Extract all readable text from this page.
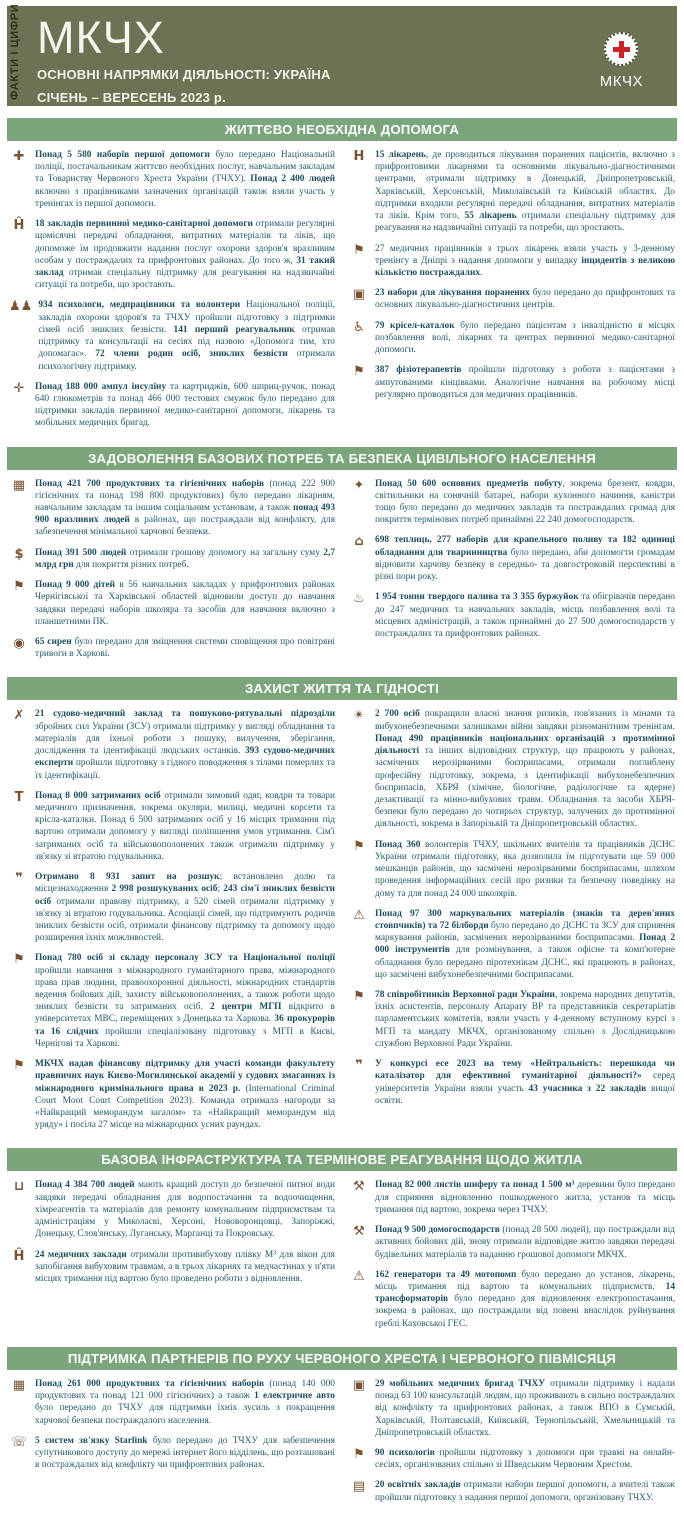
ФАКТИ І ЦИФРИ МКЧХ
ОСНОВНІ НАПРЯМКИ ДІЯЛЬНОСТІ: УКРАЇНА
СІЧЕНЬ – ВЕРЕСЕНЬ 2023 р.
МКЧХ
ЖИТТЄВО НЕОБХІДНА ДОПОМОГА
✚	Понад 5 580 наборів першої допомоги було передано Національній поліції, постачальникам життєво необхідних послуг, навчальним закладам та Товариству Червоного Хреста України (ТЧХУ). Понад 2 400 людей включно з працівниками зазначених організацій також взяли участь у тренінгах із першої допомоги.

Ĥ	18 закладів первинної медико-санітарної допомоги отримали регулярні щомісячні передачі обладнання, витратних матеріалів та ліків, що допоможе їм продовжити надання послуг охорони здоров'я вразливим особам у постраждалих та прифронтових районах. До того ж, 31 такий заклад отримав спеціальну підтримку для реагування на надзвичайні ситуації та потреби, що зростають.

♟♟ 934 психологи, медпрацівники та волонтери Національної поліції, закладів охорони здоров'я та ТЧХУ пройшли підготовку з підтримки сімей осіб зниклих безвісти. 141 перший реагувальник отримав підтримку та консультації на сесіях під назвою «Допомога тим, хто допомагає». 72 члени родин осіб, зниклих безвісти отримали психологічну підтримку.

✛	Понад 188 000 ампул інсуліну та картриджів, 600 шприц-ручок, понад 640 глюкометрів та понад 466 000 тестових смужок було передано для підтримки закладів первинної медико-санітарної допомоги, лікарень та мобільних медичних бригад.

H	15 лікарень, де проводиться лікування поранених пацієнтів, включно з прифронтовими лікарнями та основними лікувально-діагностичними центрами, отримали підтримку в Донецькій, Дніпропетровській, Харківській, Херсонській, Миколаївській та Київській областях. До підтримки входили регулярні передачі обладнання, витратних матеріалів та ліків. Крім того, 55 лікарень отримали спеціальну підтримку для реагування на надзвичайні ситуації та потреби, що зростають.

⚑	27 медичних працівників з трьох лікарень взяли участь у 3-денному тренінгу в Дніпрі з надання допомоги у випадку інцидентів з великою кількістю постраждалих.

▣	23 набори для лікування поранених було передано до прифронтових та основних лікувально-діагностичних центрів.

♿	79 крісел-каталок було передано пацієнтам з інвалідністю в місцях позбавлення волі, лікарнях та центрах первинної медико-санітарної допомоги.

⚑	387 фізіотерапевтів пройшли підготовку з роботи з пацієнтами з ампутованими кінцівками. Аналогічне навчання на робочому місці регулярно проводиться для медичних працівників.

ЗАДОВОЛЕННЯ БАЗОВИХ ПОТРЕБ ТА БЕЗПЕКА ЦИВІЛЬНОГО НАСЕЛЕННЯ
▦	Понад 421 700 продуктових та гігієнічних наборів (понад 222 900 гігієнічних та понад 198 800 продуктових) було передано лікарням, навчальним закладам та іншим соціальним установам, а також понад 493 900 вразливих людей в районах, що постраждали від конфлікту, для забезпечення мінімальної харчової безпеки.

$	Понад 391 500 людей отримали грошову допомогу на загальну суму 2,7 млрд грн для покриття різних потреб.

⚑	Понад 9 000 дітей в 56 навчальних закладах у прифронтових районах Чернігівської та Харківської областей відновили доступ до навчання завдяки передачі наборів школяра та засобів для навчання включно з планшетними ПК.

◉	65 сирен було передано для зміцнення системи сповіщення про повітряні тривоги в Харкові.

✦	Понад 50 600 основних предметів побуту, зокрема брезент, ковдри, світильники на сонячній батареї, набори кухонного начиння, каністри тощо було передано до медичних закладів та постраждалих громад для покриття термінових потреб принаймні 22 240 домогосподарств.

⌂	698 теплиць, 277 наборів для крапельного поливу та 182 одиниці обладнання для тваринництва було передано, аби допомогти громадам відновити харчову безпеку в середньо- та довгостроковій перспективі в різні пори року.

♨	1 954 тонни твердого палива та 3 355 буржуйок та обігрівачів передано до 247 медичних та навчальних закладів, місць позбавлення волі та місцевих адміністрацій, а також принаймні до 27 500 домогосподарств у постраждалих та прифронтових районах.

ЗАХИСТ ЖИТТЯ ТА ГІДНОСТІ
✗	21 судово-медичний заклад та пошуково-рятувальні підрозділи збройних сил України (ЗСУ) отримали підтримку у вигляді обладнання та матеріалів для їхньої роботи з пошуку, вилучення, зберігання, дослідження та ідентифікації людських останків. 393 судово-медичних експерти пройшли підготовку з гідного поводження з тілами померлих та їх ідентифікації.

T	Понад 8 000 затриманих осіб отримали зимовий одяг, ковдри та товари медичного призначення, зокрема окуляри, милиці, медичні корсети та крісла-каталки. Понад 6 500 затриманих осіб у 16 місцях тримання під вартою отримали допомогу у вигляді поліпшення умов утримання. Сім'ї затриманих осіб та військовополонених також отримали підтримку у зв'язку зі втратою годувальника.

❞	Отримано 8 931 запит на розшук; встановлено долю та місцезнаходження 2 998 розшукуваних осіб; 243 сім'ї зниклих безвісти осіб отримали правову підтримку, а 520 сімей отримали підтримку у зв'язку зі втратою годувальника. Асоціації сімей, що підтримують родичів зниклих безвісти осіб, отримали фінансову підтримку та допомогу щодо розширення їхніх можливостей.

⚑	Понад 780 осіб зі складу персоналу ЗСУ та Національної поліції пройшли навчання з міжнародного гуманітарного права, міжнародного права прав людини, правоохоронної діяльності, міжнародних стандартів ведення бойових дій, захисту військовополонених, а також роботи щодо зниклих безвісти та затриманих осіб. 2 центри МГП відкрито в університетах МВС, переміщених з Донецька та Харкова. 36 прокурорів та 16 слідчих пройшли спеціалізовану підготовку з МГП в Києві, Чернігові та Харкові.

⚑	МКЧХ надав фінансову підтримку для участі команди факультету правничих наук Києво-Могилянської академії у судових змаганнях із міжнародного кримінального права в 2023 р. (International Criminal Court Moot Court Competition 2023). Команда отримала нагороди за «Найкращий меморандум загалом» та «Найкращий меморандум від уряду» і посіла 27 місце на міжнародних усних раундах.

✴	2 700 осіб покращили власні знання ризиків, пов'язаних із мінами та вибухонебезпечними залишками війни завдяки різноманітним тренінгам. Понад 490 працівників національних організацій з протимінної діяльності та інших відповідних структур, що працюють у районах, засмічених нерозірваними боєприпасами, отримали поглиблену професійну підготовку, зокрема, з ідентифікації вибухонебезпечних боєприпасів, ХБРЯ (хімічне, біологічне, радіологічне та ядерне) дезактивації та мінно-вибухових травм. Обладнання та засоби ХБРЯ-безпеки було передано до чотирьох структур, залучених до протимінної діяльності, зокрема в Запорізькій та Дніпропетровській областях.

⚑	Понад 360 волонтерів ТЧХУ, шкільних вчителів та працівників ДСНС України отримали підготовку, яка дозволила їм підготувати ще 59 000 мешканців районів, що засмічені нерозірваними боєприпасами, шляхом проведення інформаційних сесій про ризики та безпечну поведінку на дому та для понад 24 000 школярів.

⚠	Понад 97 300 маркувальних матеріалів (знаків та дерев'яних стовпчиків) та 72 білборди було передано до ДСНС та ЗСУ для сприяння маркування районів, засмічених нерозірваними боєприпасами. Понад 2 000 інструментів для розмінування, а також офісне та комп'ютерне обладнання було передано піротехнікам ДСНС, які працюють в районах, що засмічені вибухонебезпечними боєприпасами.

⚑	78 співробітників Верховної ради України, зокрема народних депутатів, їхніх асистентів, персоналу Апарату ВР та представників секретаріатів парламентських комітетів, взяли участь у 4-денному вступному курсі з МГП та мандату МКЧХ, організованому спільно з Дослідницькою службою Верховної Ради України.

❞	У конкурсі есе 2023 на тему «Нейтральність: перешкода чи каталізатор для ефективної гуманітарної діяльності?» серед університетів України взяли участь 43 учасника з 22 закладів вищої освіти.

БАЗОВА ІНФРАСТРУКТУРА ТА ТЕРМІНОВЕ РЕАГУВАННЯ ЩОДО ЖИТЛА
⊔	Понад 4 384 700 людей мають кращий доступ до безпечної питної води завдяки передачі обладнання для водопостачання та водоочищення, хімреагентів та матеріалів для ремонту комунальним підприємствам та адміністраціям у Миколаєві, Херсоні, Нововоронцовці, Запоріжжі, Донецьку, Слов'янську, Луганську, Марганці та Покровську.

Ĥ	24 медичних заклади отримали противибухову плівку М³ для вікон для запобігання вибуховим травмам, а в трьох лікарнях та медчастинах у п'яти місцях тримання під вартою було проведено роботи з відновлення.

⚒	Понад 82 000 листів шиферу та понад 1 500 м³ деревини було передано для сприяння відновленню пошкодженого житла, установ та місць тримання під вартою, зокрема через ТЧХУ.

⚒	Понад 9 500 домогосподарств (понад 28 500 людей), що постраждали від активних бойових дій, знову отримали відповідне житло завдяки передачі будівельних матеріалів та наданню грошової допомоги МКЧХ.

⚠	162 генератори та 49 мотопомп було передано до установ, лікарень, місць тримання під вартою та комунальних підприємств. 14 трансформаторів було передано для відновлення електропостачання, зокрема в районах, що постраждали від повені внаслідок руйнування греблі Каховської ГЕС.

ПІДТРИМКА ПАРТНЕРІВ ПО РУХУ ЧЕРВОНОГО ХРЕСТА І ЧЕРВОНОГО ПІВМІСЯЦЯ
▦	Понад 261 000 продуктових та гігієнічних наборів (понад 140 000 продуктових та понад 121 000 гігієнічних) а також 1 електричне авто було передано до ТЧХУ для підтримки їхніх зусиль з покращення харчової безпеки постраждалого населення.

☏ 5 систем зв'язку Starlink було передано до ТЧХУ для забезпечення супутникового доступу до мережі інтернет його відділень, що розташовані в постраждалих від конфлікту чи прифронтових районах.

▣	29 мобільних медичних бригад ТЧХУ отримали підтримку і надали понад 63 100 консультацій людям, що проживають в сильно постраждалих від конфлікту та прифронтових районах, а також ВПО в Сумській, Харківській, Полтавській, Київській, Тернопільській, Хмельницькій та Дніпропетровській областях.

⚑	90 психологів пройшли підготовку з допомоги при травмі на онлайн-сесіях, організованих спільно зі Шведським Червоним Хрестом.

▤	20 освітніх закладів отримали набори першої допомоги, а вчителі також пройшли підготовку з надання першої допомоги, організовану ТЧХУ.
